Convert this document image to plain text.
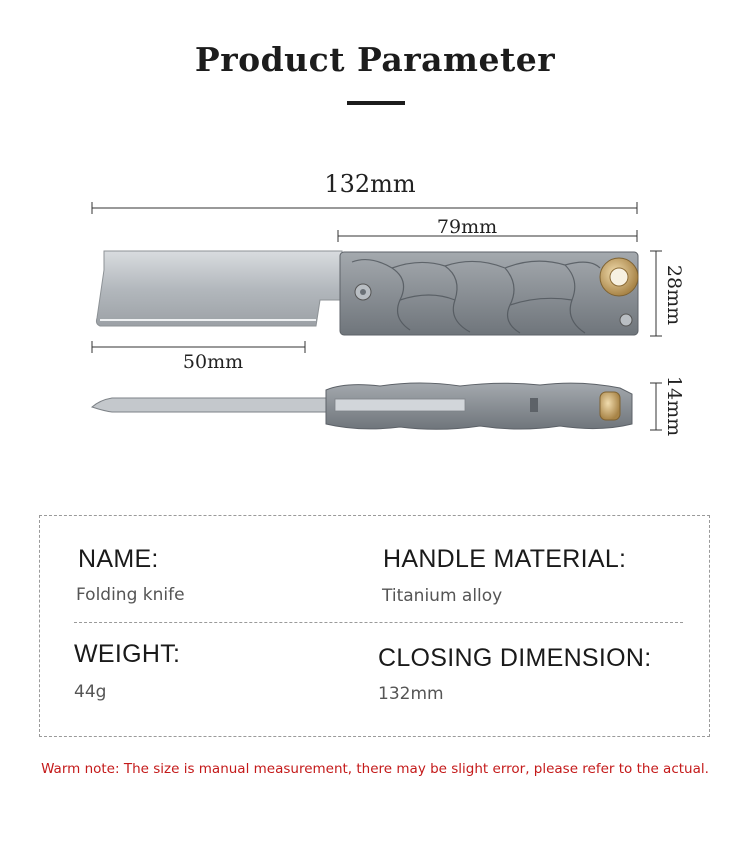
Product Parameter
132mm
79mm
28mm
50mm
14mm
NAME:
Folding knife
HANDLE MATERIAL:
Titanium alloy
WEIGHT:
44g
CLOSING DIMENSION:
132mm
Warm note: The size is manual measurement, there may be slight error, please refer to the actual.
